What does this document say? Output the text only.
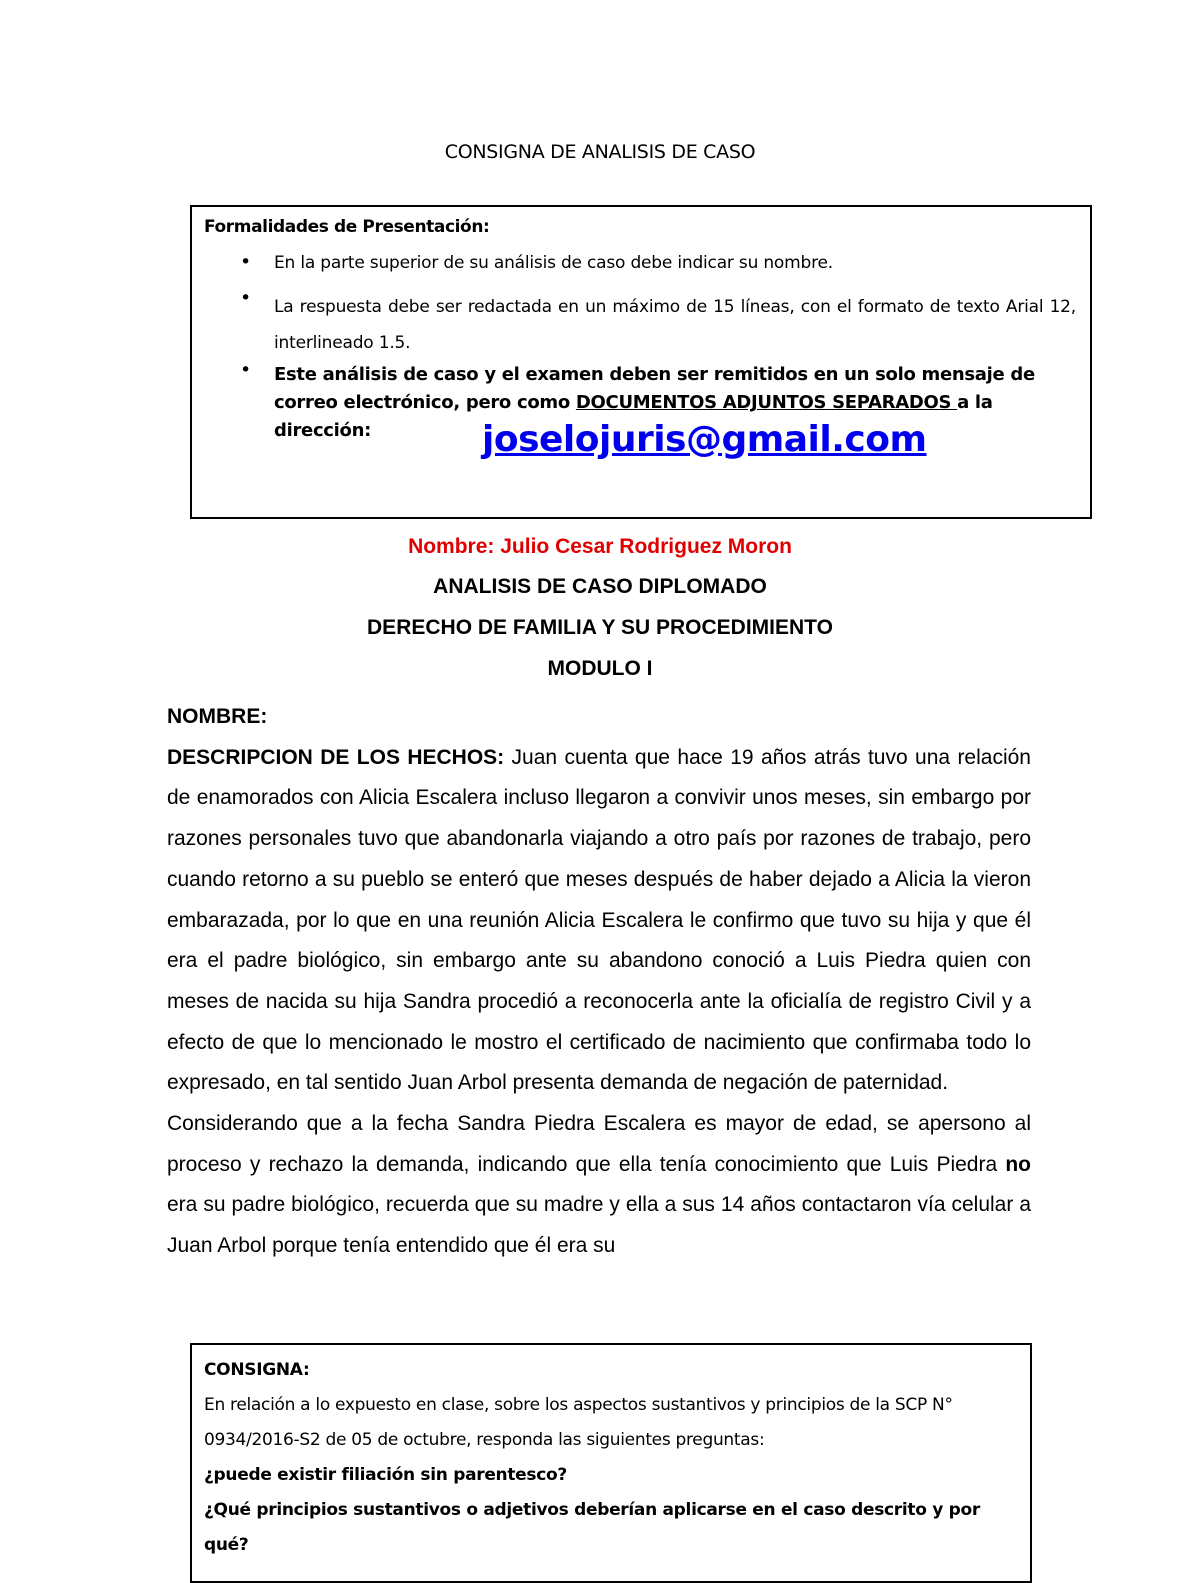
CONSIGNA DE ANALISIS DE CASO
Formalidades de Presentación:
• En la parte superior de su análisis de caso debe indicar su nombre.
• La respuesta debe ser redactada en un máximo de 15 líneas, con el formato de texto Arial 12, interlineado 1.5.
• Este análisis de caso y el examen deben ser remitidos en un solo mensaje de correo electrónico, pero como DOCUMENTOS ADJUNTOS SEPARADOS a la dirección:	joselojuris@gmail.com
Nombre: Julio Cesar Rodriguez Moron
ANALISIS DE CASO DIPLOMADO
DERECHO DE FAMILIA Y SU PROCEDIMIENTO
MODULO I

NOMBRE:

DESCRIPCION DE LOS HECHOS: Juan cuenta que hace 19 años atrás tuvo una relación de enamorados con Alicia Escalera incluso llegaron a convivir unos meses, sin embargo por razones personales tuvo que abandonarla viajando a otro país por razones de trabajo, pero cuando retorno a su pueblo se enteró que meses después de haber dejado a Alicia la vieron embarazada, por lo que en una reunión Alicia Escalera le confirmo que tuvo su hija y que él era el padre biológico, sin embargo ante su abandono conoció a Luis Piedra quien con meses de nacida su hija Sandra procedió a reconocerla ante la oficialía de registro Civil y a efecto de que lo mencionado le mostro el certificado de nacimiento que confirmaba todo lo expresado, en tal sentido Juan Arbol presenta demanda de negación de paternidad.

Considerando que a la fecha Sandra Piedra Escalera es mayor de edad, se apersono al proceso y rechazo la demanda, indicando que ella tenía conocimiento que Luis Piedra no era su padre biológico, recuerda que su madre y ella a sus 14 años contactaron vía celular a Juan Arbol porque tenía entendido que él era su

CONSIGNA:
En relación a lo expuesto en clase, sobre los aspectos sustantivos y principios de la SCP N° 0934/2016-S2 de 05 de octubre, responda las siguientes preguntas:
¿puede existir filiación sin parentesco?
¿Qué principios sustantivos o adjetivos deberían aplicarse en el caso descrito y por qué?
